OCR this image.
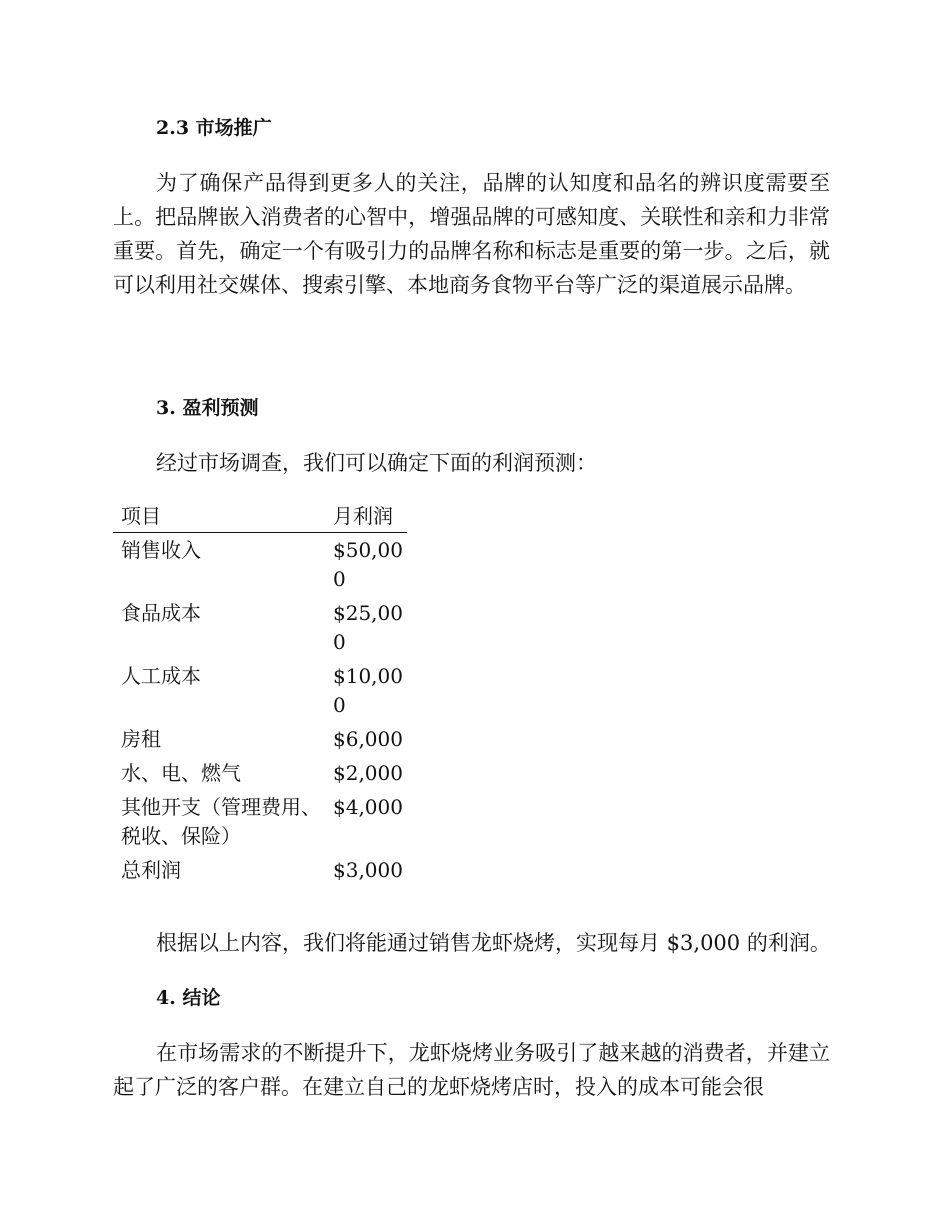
2.3 市场推广
为了确保产品得到更多人的关注，品牌的认知度和品名的辨识度需要至上。把品牌嵌入消费者的心智中，增强品牌的可感知度、关联性和亲和力非常重要。首先，确定一个有吸引力的品牌名称和标志是重要的第一步。之后，就可以利用社交媒体、搜索引擎、本地商务食物平台等广泛的渠道展示品牌。
3. 盈利预测
经过市场调查，我们可以确定下面的利润预测：
项目	月利润
销售收入	$50,000
食品成本	$25,000
人工成本	$10,000
房租	$6,000
水、电、燃气	$2,000
其他开支（管理费用、税收、保险）	$4,000
总利润	$3,000
根据以上内容，我们将能通过销售龙虾烧烤，实现每月 $3,000 的利润。
4. 结论
在市场需求的不断提升下，龙虾烧烤业务吸引了越来越的消费者，并建立起了广泛的客户群。在建立自己的龙虾烧烤店时，投入的成本可能会很
